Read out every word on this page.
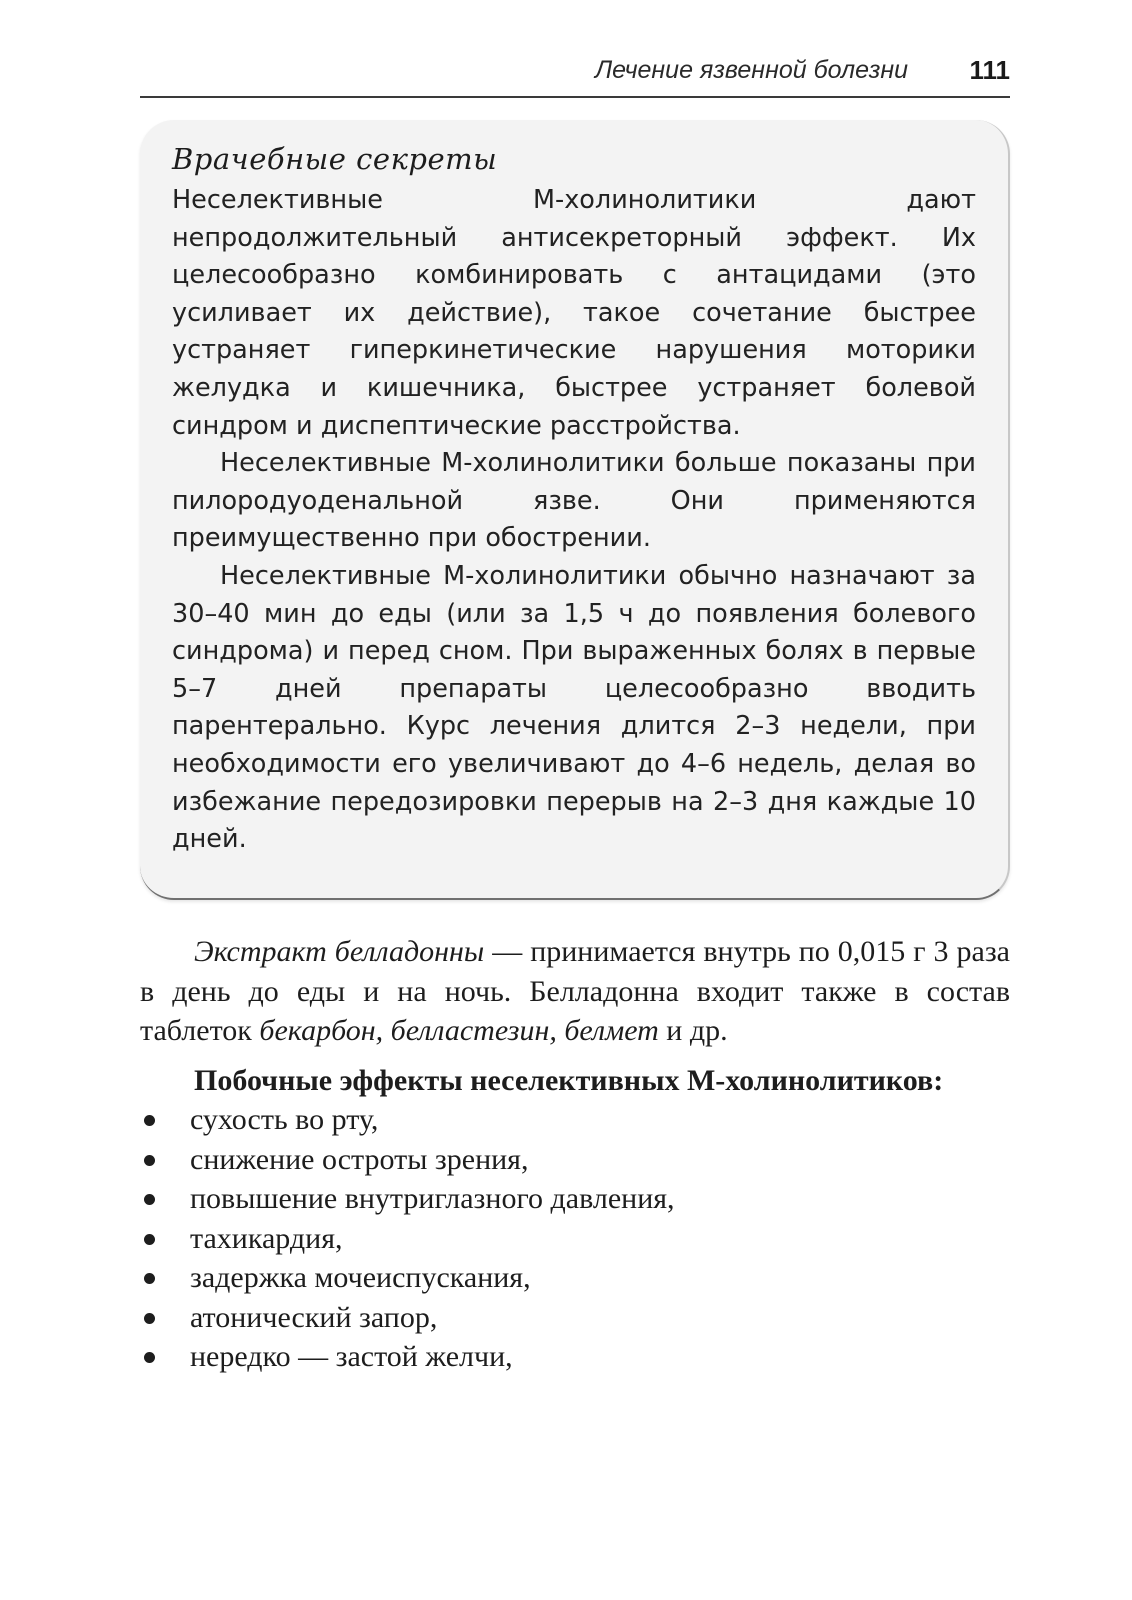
Лечение язвенной болезни 111
Врачебные секреты

Неселективные М-холинолитики дают непродолжительный антисекреторный эффект. Их целесообразно комбинировать с антацидами (это усиливает их действие), такое сочетание быстрее устраняет гиперкинетические нарушения моторики желудка и кишечника, быстрее устраняет болевой синдром и диспептические расстройства.

Неселективные М-холинолитики больше показаны при пилородуоденальной язве. Они применяются преимущественно при обострении.

Неселективные М-холинолитики обычно назначают за 30–40 мин до еды (или за 1,5 ч до появления болевого синдрома) и перед сном. При выраженных болях в первые 5–7 дней препараты целесообразно вводить парентерально. Курс лечения длится 2–3 недели, при необходимости его увеличивают до 4–6 недель, делая во избежание передозировки перерыв на 2–3 дня каждые 10 дней.

Экстракт белладонны — принимается внутрь по 0,015 г 3 раза в день до еды и на ночь. Белладонна входит также в состав таблеток бекарбон, белластезин, белмет и др.

Побочные эффекты неселективных М-холинолитиков:

сухость во рту,
снижение остроты зрения,
повышение внутриглазного давления,
тахикардия,
задержка мочеиспускания,
атонический запор,
нередко — застой желчи,
